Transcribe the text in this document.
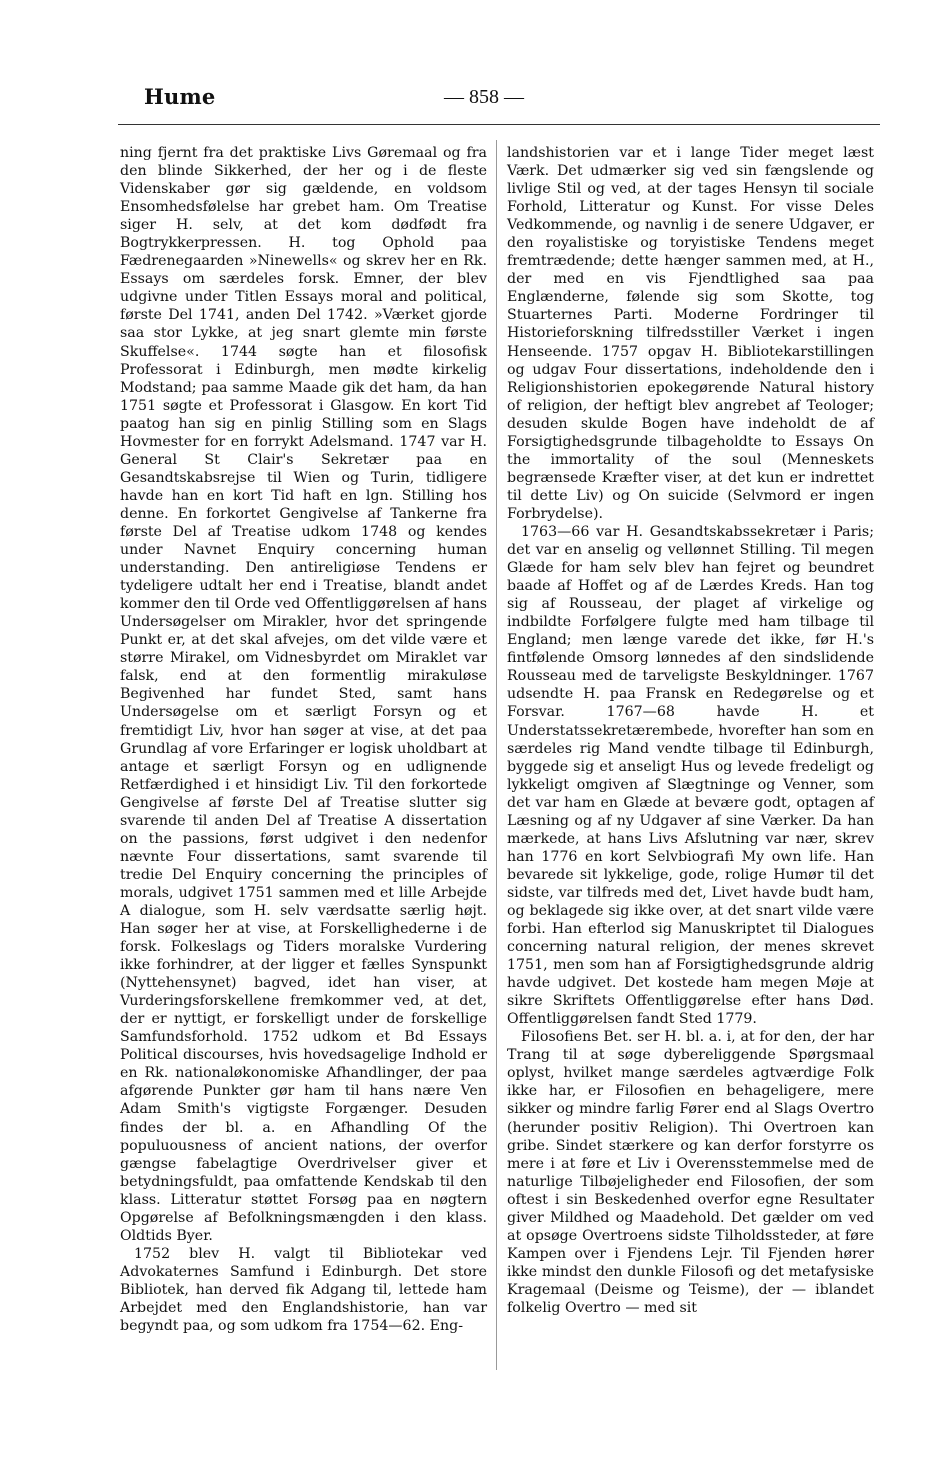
Hume	— 858 —

ning fjernt fra det praktiske Livs Gøremaal og fra den blinde Sikkerhed, der her og i de fleste Videnskaber gør sig gældende, en voldsom Ensomhedsfølelse har grebet ham. Om Treatise siger H. selv, at det kom dødfødt fra Bogtrykkerpressen. H. tog Ophold paa Fædrenegaarden »Ninewells« og skrev her en Rk. Essays om særdeles forsk. Emner, der blev udgivne under Titlen Essays moral and political, første Del 1741, anden Del 1742. »Værket gjorde saa stor Lykke, at jeg snart glemte min første Skuffelse«. 1744 søgte han et filosofisk Professorat i Edinburgh, men mødte kirkelig Modstand; paa samme Maade gik det ham, da han 1751 søgte et Professorat i Glasgow. En kort Tid paatog han sig en pinlig Stilling som en Slags Hovmester for en forrykt Adelsmand. 1747 var H. General St Clair's Sekretær paa en Gesandtskabsrejse til Wien og Turin, tidligere havde han en kort Tid haft en lgn. Stilling hos denne. En forkortet Gengivelse af Tankerne fra første Del af Treatise udkom 1748 og kendes under Navnet Enquiry concerning human understanding. Den antireligiøse Tendens er tydeligere udtalt her end i Treatise, blandt andet kommer den til Orde ved Offentliggørelsen af hans Undersøgelser om Mirakler, hvor det springende Punkt er, at det skal afvejes, om det vilde være et større Mirakel, om Vidnesbyrdet om Miraklet var falsk, end at den formentlig mirakuløse Begivenhed har fundet Sted, samt hans Undersøgelse om et særligt Forsyn og et fremtidigt Liv, hvor han søger at vise, at det paa Grundlag af vore Erfaringer er logisk uholdbart at antage et særligt Forsyn og en udlignende Retfærdighed i et hinsidigt Liv. Til den forkortede Gengivelse af første Del af Treatise slutter sig svarende til anden Del af Treatise A dissertation on the passions, først udgivet i den nedenfor nævnte Four dissertations, samt svarende til tredie Del Enquiry concerning the principles of morals, udgivet 1751 sammen med et lille Arbejde A dialogue, som H. selv værdsatte særlig højt. Han søger her at vise, at Forskellighederne i de forsk. Folkeslags og Tiders moralske Vurdering ikke forhindrer, at der ligger et fælles Synspunkt (Nyttehensynet) bagved, idet han viser, at Vurderingsforskellene fremkommer ved, at det, der er nyttigt, er forskelligt under de forskellige Samfundsforhold. 1752 udkom et Bd Essays Political discourses, hvis hovedsagelige Indhold er en Rk. nationaløkonomiske Afhandlinger, der paa afgørende Punkter gør ham til hans nære Ven Adam Smith's vigtigste Forgænger. Desuden findes der bl. a. en Afhandling Of the populuousness of ancient nations, der overfor gængse fabelagtige Overdrivelser giver et betydningsfuldt, paa omfattende Kendskab til den klass. Litteratur støttet Forsøg paa en nøgtern Opgørelse af Befolkningsmængden i den klass. Oldtids Byer.

1752 blev H. valgt til Bibliotekar ved Advokaternes Samfund i Edinburgh. Det store Bibliotek, han derved fik Adgang til, lettede ham Arbejdet med den Englandshistorie, han var begyndt paa, og som udkom fra 1754—62. Eng-

landshistorien var et i lange Tider meget læst Værk. Det udmærker sig ved sin fængslende og livlige Stil og ved, at der tages Hensyn til sociale Forhold, Litteratur og Kunst. For visse Deles Vedkommende, og navnlig i de senere Udgaver, er den royalistiske og toryistiske Tendens meget fremtrædende; dette hænger sammen med, at H., der med en vis Fjendtlighed saa paa Englænderne, følende sig som Skotte, tog Stuarternes Parti. Moderne Fordringer til Historieforskning tilfredsstiller Værket i ingen Henseende. 1757 opgav H. Bibliotekarstillingen og udgav Four dissertations, indeholdende den i Religionshistorien epokegørende Natural history of religion, der heftigt blev angrebet af Teologer; desuden skulde Bogen have indeholdt de af Forsigtighedsgrunde tilbageholdte to Essays On the immortality of the soul (Menneskets begrænsede Kræfter viser, at det kun er indrettet til dette Liv) og On suicide (Selvmord er ingen Forbrydelse).

1763—66 var H. Gesandtskabssekretær i Paris; det var en anselig og vellønnet Stilling. Til megen Glæde for ham selv blev han fejret og beundret baade af Hoffet og af de Lærdes Kreds. Han tog sig af Rousseau, der plaget af virkelige og indbildte Forfølgere fulgte med ham tilbage til England; men længe varede det ikke, før H.'s fintfølende Omsorg lønnedes af den sindslidende Rousseau med de tarveligste Beskyldninger. 1767 udsendte H. paa Fransk en Redegørelse og et Forsvar. 1767—68 havde H. et Understatssekretærembede, hvorefter han som en særdeles rig Mand vendte tilbage til Edinburgh, byggede sig et anseligt Hus og levede fredeligt og lykkeligt omgiven af Slægtninge og Venner, som det var ham en Glæde at bevære godt, optagen af Læsning og af ny Udgaver af sine Værker. Da han mærkede, at hans Livs Afslutning var nær, skrev han 1776 en kort Selvbiografi My own life. Han bevarede sit lykkelige, gode, rolige Humør til det sidste, var tilfreds med det, Livet havde budt ham, og beklagede sig ikke over, at det snart vilde være forbi. Han efterlod sig Manuskriptet til Dialogues concerning natural religion, der menes skrevet 1751, men som han af Forsigtighedsgrunde aldrig havde udgivet. Det kostede ham megen Møje at sikre Skriftets Offentliggørelse efter hans Død. Offentliggørelsen fandt Sted 1779.

Filosofiens Bet. ser H. bl. a. i, at for den, der har Trang til at søge dybereliggende Spørgsmaal oplyst, hvilket mange særdeles agtværdige Folk ikke har, er Filosofien en behageligere, mere sikker og mindre farlig Fører end al Slags Overtro (herunder positiv Religion). Thi Overtroen kan gribe. Sindet stærkere og kan derfor forstyrre os mere i at føre et Liv i Overensstemmelse med de naturlige Tilbøjeligheder end Filosofien, der som oftest i sin Beskedenhed overfor egne Resultater giver Mildhed og Maadehold. Det gælder om ved at opsøge Overtroens sidste Tilholdssteder, at føre Kampen over i Fjendens Lejr. Til Fjenden hører ikke mindst den dunkle Filosofi og det metafysiske Kragemaal (Deisme og Teisme), der — iblandet folkelig Overtro — med sit
